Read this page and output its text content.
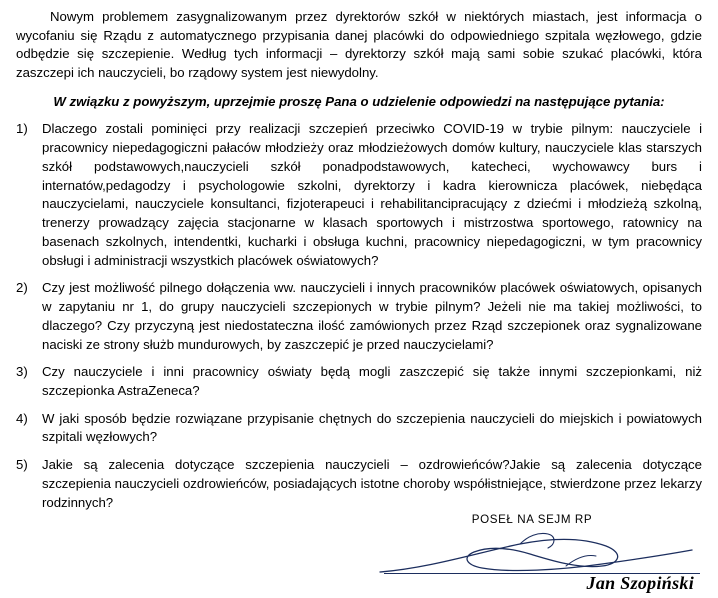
Nowym problemem zasygnalizowanym przez dyrektorów szkół w niektórych miastach, jest informacja o wycofaniu się Rządu z automatycznego przypisania danej placówki do odpowiedniego szpitala węzłowego, gdzie odbędzie się szczepienie. Według tych informacji – dyrektorzy szkół mają sami sobie szukać placówki, która zaszczepi ich nauczycieli, bo rządowy system jest niewydolny.

W związku z powyższym, uprzejmie proszę Pana o udzielenie odpowiedzi na następujące pytania:

1)	Dlaczego zostali pominięci przy realizacji szczepień przeciwko COVID-19 w trybie pilnym: nauczyciele i pracownicy niepedagogiczni pałaców młodzieży oraz młodzieżowych domów kultury, nauczyciele klas starszych szkół podstawowych,nauczycieli szkół ponadpodstawowych, katecheci, wychowawcy burs i internatów,pedagodzy i psychologowie szkolni, dyrektorzy i kadra kierownicza placówek, niebędąca nauczycielami, nauczyciele konsultanci, fizjoterapeuci i rehabilitancipracujący z dziećmi i młodzieżą szkolną, trenerzy prowadzący zajęcia stacjonarne w klasach sportowych i mistrzostwa sportowego, ratownicy na basenach szkolnych, intendentki, kucharki i obsługa kuchni, pracownicy niepedagogiczni, w tym pracownicy obsługi i administracji wszystkich placówek oświatowych?
2)	Czy jest możliwość pilnego dołączenia ww. nauczycieli i innych pracowników placówek oświatowych, opisanych w zapytaniu nr 1, do grupy nauczycieli szczepionych w trybie pilnym? Jeżeli nie ma takiej możliwości, to dlaczego? Czy przyczyną jest niedostateczna ilość zamówionych przez Rząd szczepionek oraz sygnalizowane naciski ze strony służb mundurowych, by zaszczepić je przed nauczycielami?
3)	Czy nauczyciele i inni pracownicy oświaty będą mogli zaszczepić się także innymi szczepionkami, niż szczepionka AstraZeneca?
4)	W jaki sposób będzie rozwiązane przypisanie chętnych do szczepienia nauczycieli do miejskich i powiatowych szpitali węzłowych?
5)	Jakie są zalecenia dotyczące szczepienia nauczycieli – ozdrowieńców?Jakie są zalecenia dotyczące szczepienia nauczycieli ozdrowieńców, posiadających istotne choroby współistniejące, stwierdzone przez lekarzy rodzinnych?
POSEŁ NA SEJM RP
Jan Szopiński
